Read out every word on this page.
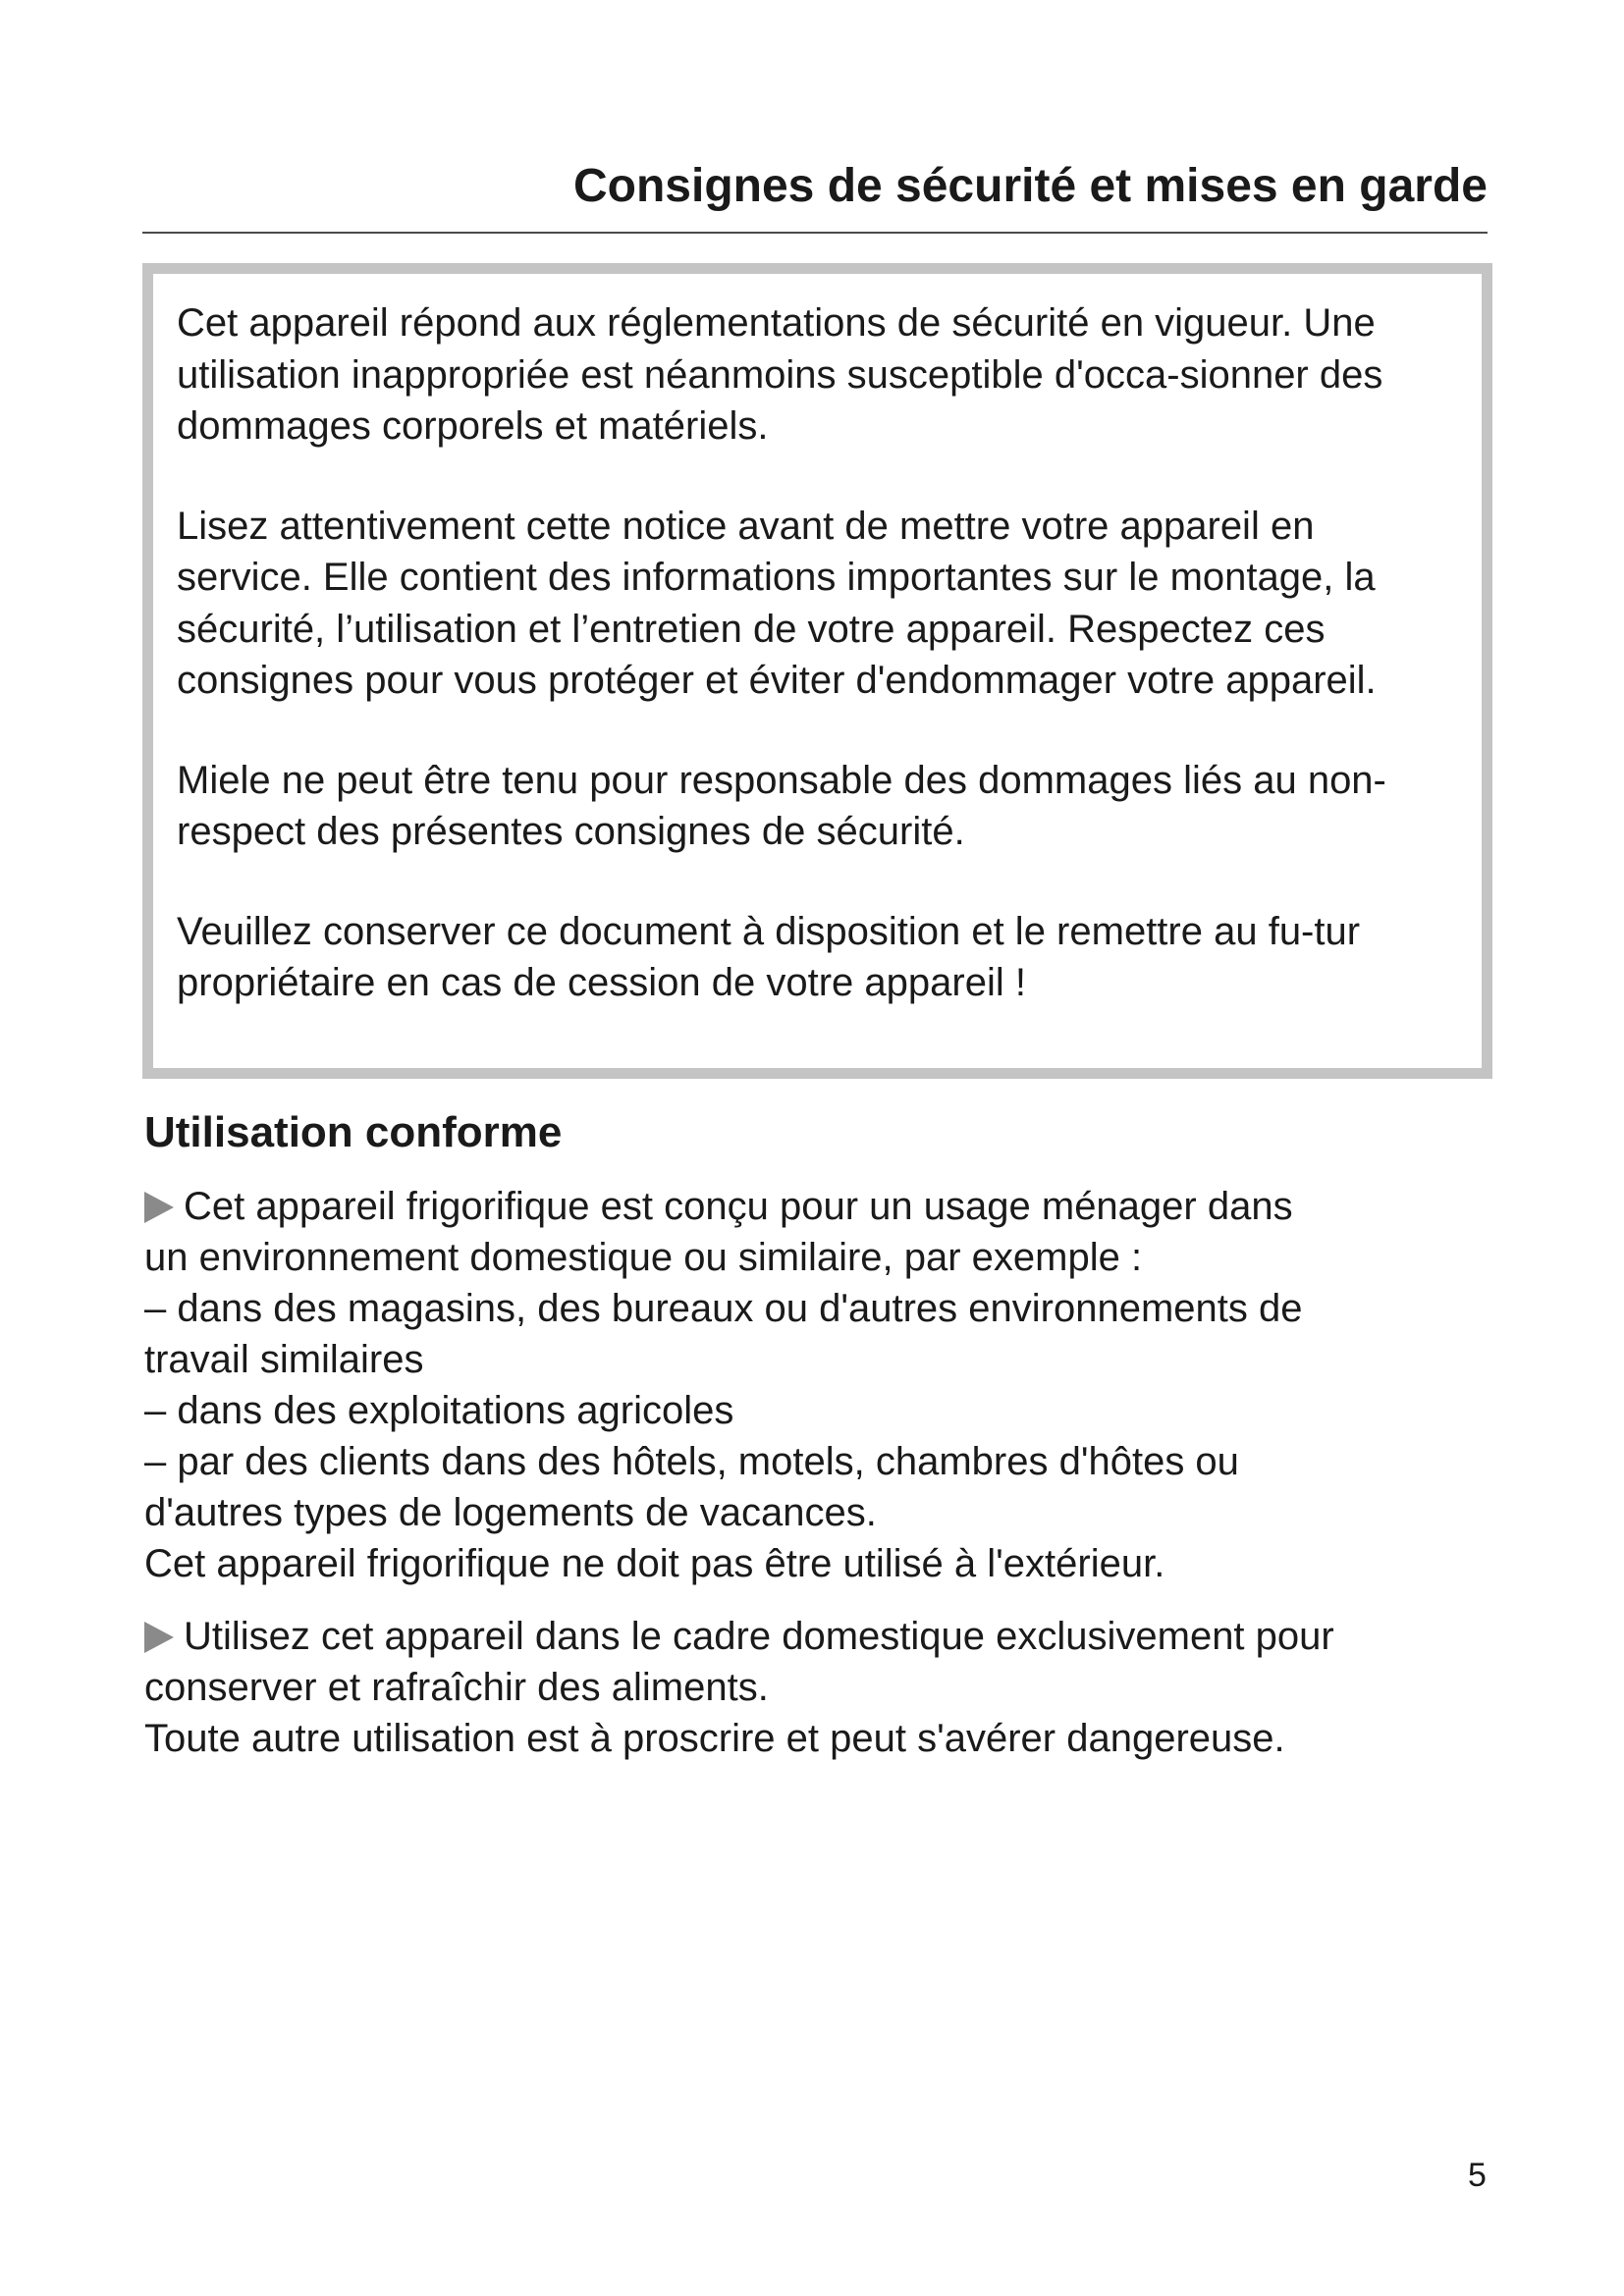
Consignes de sécurité et mises en garde

Cet appareil répond aux réglementations de sécurité en vigueur. Une utilisation inappropriée est néanmoins susceptible d'occa-sionner des dommages corporels et matériels.

Lisez attentivement cette notice avant de mettre votre appareil en service. Elle contient des informations importantes sur le montage, la sécurité, l’utilisation et l’entretien de votre appareil. Respectez ces consignes pour vous protéger et éviter d'endommager votre appareil.

Miele ne peut être tenu pour responsable des dommages liés au non-respect des présentes consignes de sécurité.

Veuillez conserver ce document à disposition et le remettre au fu-tur propriétaire en cas de cession de votre appareil !

Utilisation conforme
Cet appareil frigorifique est conçu pour un usage ménager dans
un environnement domestique ou similaire, par exemple :
– dans des magasins, des bureaux ou d'autres environnements de
travail similaires
– dans des exploitations agricoles
– par des clients dans des hôtels, motels, chambres d'hôtes ou
d'autres types de logements de vacances.
Cet appareil frigorifique ne doit pas être utilisé à l'extérieur.
Utilisez cet appareil dans le cadre domestique exclusivement pour
conserver et rafraîchir des aliments.
Toute autre utilisation est à proscrire et peut s'avérer dangereuse.
5
